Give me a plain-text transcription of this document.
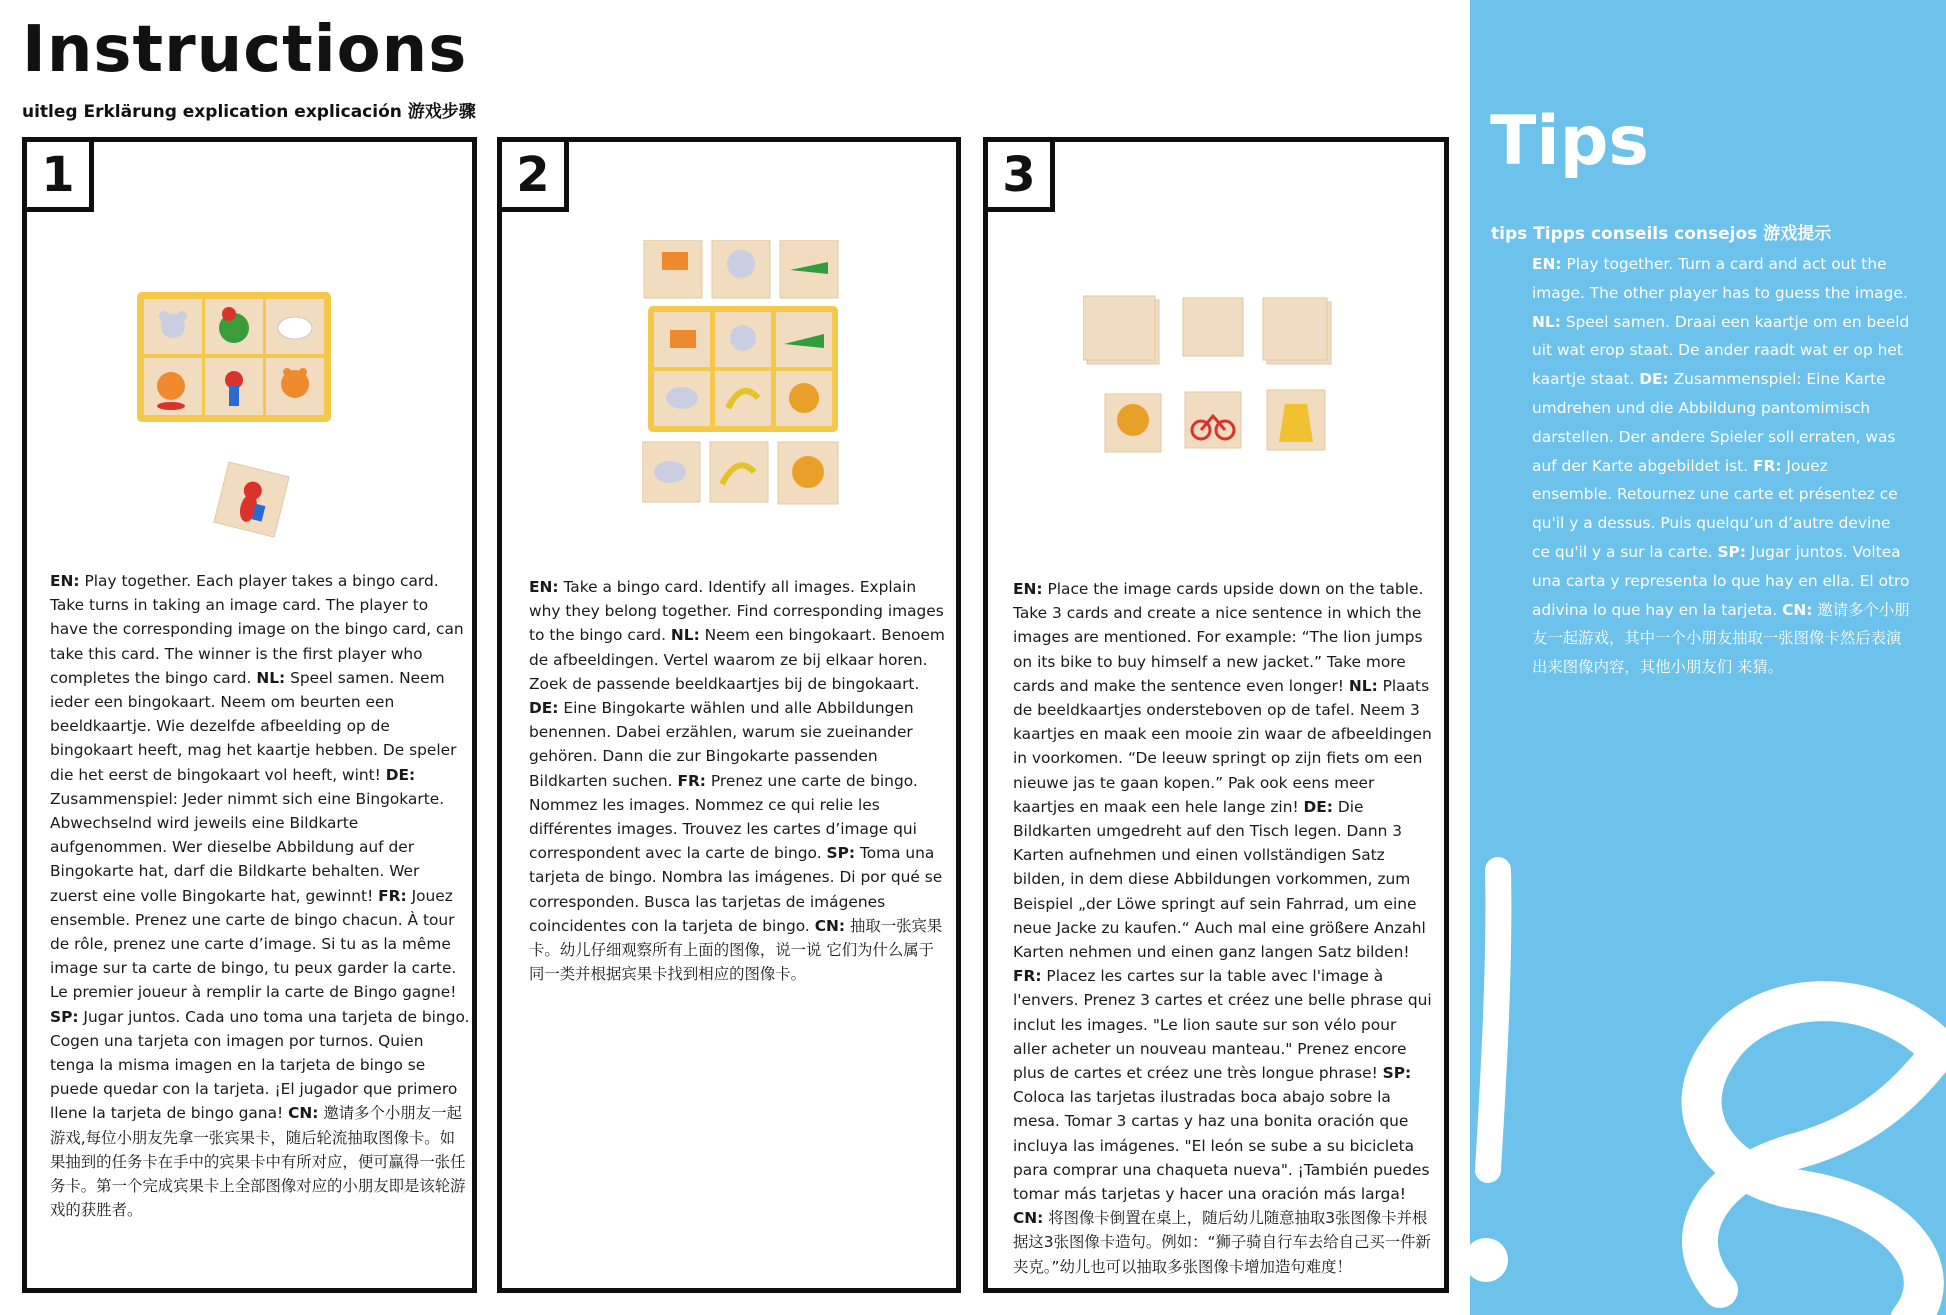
Instructions
uitleg Erklärung explication explicación 游戏步骤
1
EN: Play together. Each player takes a bingo card. Take turns in taking an image card. The player to have the corresponding image on the bingo card, can take this card. The winner is the first player who completes the bingo card. NL: Speel samen. Neem ieder een bingokaart. Neem om beurten een beeldkaartje. Wie dezelfde afbeelding op de bingokaart heeft, mag het kaartje hebben. De speler die het eerst de bingokaart vol heeft, wint! DE: Zusammenspiel: Jeder nimmt sich eine Bingokarte. Abwechselnd wird jeweils eine Bildkarte aufgenommen. Wer dieselbe Abbildung auf der Bingokarte hat, darf die Bildkarte behalten. Wer zuerst eine volle Bingokarte hat, gewinnt! FR: Jouez ensemble. Prenez une carte de bingo chacun. À tour de rôle, prenez une carte d’image. Si tu as la même image sur ta carte de bingo, tu peux garder la carte. Le premier joueur à remplir la carte de Bingo gagne! SP: Jugar juntos. Cada uno toma una tarjeta de bingo. Cogen una tarjeta con imagen por turnos. Quien tenga la misma imagen en la tarjeta de bingo se puede quedar con la tarjeta. ¡El jugador que primero llene la tarjeta de bingo gana! CN: 邀请多个小朋友一起游戏,每位小朋友先拿一张宾果卡，随后轮流抽取图像卡。如果抽到的任务卡在手中的宾果卡中有所对应，便可赢得一张任务卡。第一个完成宾果卡上全部图像对应的小朋友即是该轮游戏的获胜者。
2
EN: Take a bingo card. Identify all images. Explain why they belong together. Find corresponding images to the bingo card. NL: Neem een bingokaart. Benoem de afbeeldingen. Vertel waarom ze bij elkaar horen. Zoek de passende beeldkaartjes bij de bingokaart. DE: Eine Bingokarte wählen und alle Abbildungen benennen. Dabei erzählen, warum sie zueinander gehören. Dann die zur Bingokarte passenden Bildkarten suchen. FR: Prenez une carte de bingo. Nommez les images. Nommez ce qui relie les différentes images. Trouvez les cartes d’image qui correspondent avec la carte de bingo. SP: Toma una tarjeta de bingo. Nombra las imágenes. Di por qué se corresponden. Busca las tarjetas de imágenes coincidentes con la tarjeta de bingo. CN: 抽取一张宾果卡。幼儿仔细观察所有上面的图像，说一说 它们为什么属于同一类并根据宾果卡找到相应的图像卡。
3
EN: Place the image cards upside down on the table. Take 3 cards and create a nice sentence in which the images are mentioned. For example: “The lion jumps on its bike to buy himself a new jacket.” Take more cards and make the sentence even longer! NL: Plaats de beeldkaartjes ondersteboven op de tafel. Neem 3 kaartjes en maak een mooie zin waar de afbeeldingen in voorkomen. “De leeuw springt op zijn fiets om een nieuwe jas te gaan kopen.” Pak ook eens meer kaartjes en maak een hele lange zin! DE: Die Bildkarten umgedreht auf den Tisch legen. Dann 3 Karten aufnehmen und einen vollständigen Satz bilden, in dem diese Abbildungen vorkommen, zum Beispiel „der Löwe springt auf sein Fahrrad, um eine neue Jacke zu kaufen.“ Auch mal eine größere Anzahl Karten nehmen und einen ganz langen Satz bilden! FR: Placez les cartes sur la table avec l'image à l'envers. Prenez 3 cartes et créez une belle phrase qui inclut les images. "Le lion saute sur son vélo pour aller acheter un nouveau manteau." Prenez encore plus de cartes et créez une très longue phrase! SP: Coloca las tarjetas ilustradas boca abajo sobre la mesa. Tomar 3 cartas y haz una bonita oración que incluya las imágenes. "El león se sube a su bicicleta para comprar una chaqueta nueva". ¡También puedes tomar más tarjetas y hacer una oración más larga! CN: 将图像卡倒置在桌上，随后幼儿随意抽取3张图像卡并根据这3张图像卡造句。例如：“狮子骑自行车去给自己买一件新夹克。”幼儿也可以抽取多张图像卡增加造句难度！
Tips
tips Tipps conseils consejos 游戏提示
EN: Play together. Turn a card and act out the image. The other player has to guess the image. NL: Speel samen. Draai een kaartje om en beeld uit wat erop staat. De ander raadt wat er op het kaartje staat. DE: Zusammenspiel: Eine Karte umdrehen und die Abbildung pantomimisch darstellen. Der andere Spieler soll erraten, was auf der Karte abgebildet ist. FR: Jouez ensemble. Retournez une carte et présentez ce qu'il y a dessus. Puis quelqu’un d’autre devine ce qu'il y a sur la carte. SP: Jugar juntos. Voltea una carta y representa lo que hay en ella. El otro adivina lo que hay en la tarjeta. CN: 邀请多个小朋友一起游戏，其中一个小朋友抽取一张图像卡然后表演出来图像内容，其他小朋友们 来猜。
